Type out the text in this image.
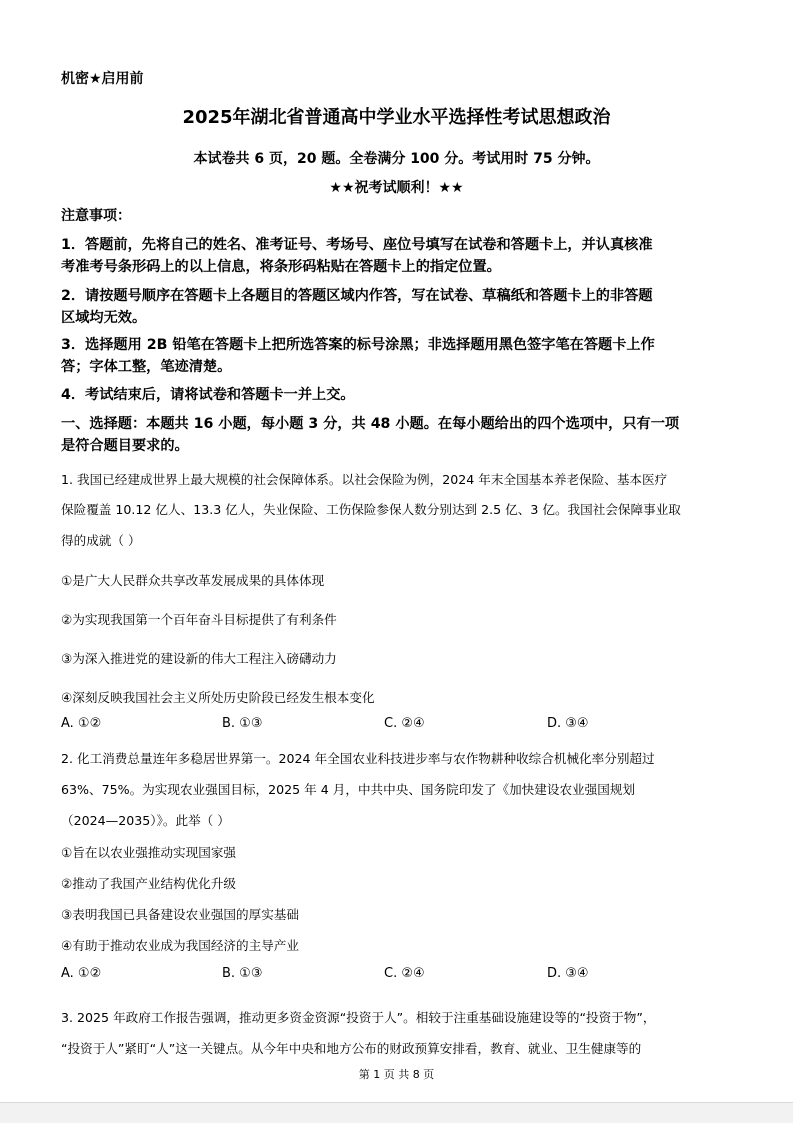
机密★启用前
2025年湖北省普通高中学业水平选择性考试思想政治
本试卷共 6 页，20 题。全卷满分 100 分。考试用时 75 分钟。
★★祝考试顺利！★★
注意事项：
1．答题前，先将自己的姓名、准考证号、考场号、座位号填写在试卷和答题卡上，并认真核准
考准考号条形码上的以上信息，将条形码粘贴在答题卡上的指定位置。
2．请按题号顺序在答题卡上各题目的答题区域内作答，写在试卷、草稿纸和答题卡上的非答题
区域均无效。
3．选择题用 2B 铅笔在答题卡上把所选答案的标号涂黑；非选择题用黑色签字笔在答题卡上作
答；字体工整，笔迹清楚。
4．考试结束后，请将试卷和答题卡一并上交。
一、选择题：本题共 16 小题，每小题 3 分，共 48 小题。在每小题给出的四个选项中，只有一项
是符合题目要求的。
1. 我国已经建成世界上最大规模的社会保障体系。以社会保险为例，2024 年末全国基本养老保险、基本医疗
保险覆盖 10.12 亿人、13.3 亿人，失业保险、工伤保险参保人数分别达到 2.5 亿、3 亿。我国社会保障事业取
得的成就（ ）
①是广大人民群众共享改革发展成果的具体体现
②为实现我国第一个百年奋斗目标提供了有利条件
③为深入推进党的建设新的伟大工程注入磅礴动力
④深刻反映我国社会主义所处历史阶段已经发生根本变化
A. ①②	B. ①③	C. ②④	D. ③④
2. 化工消费总量连年多稳居世界第一。2024 年全国农业科技进步率与农作物耕种收综合机械化率分别超过
63%、75%。为实现农业强国目标，2025 年 4 月，中共中央、国务院印发了《加快建设农业强国规划
（2024—2035）》。此举（ ）
①旨在以农业强推动实现国家强
②推动了我国产业结构优化升级
③表明我国已具备建设农业强国的厚实基础
④有助于推动农业成为我国经济的主导产业
A. ①②	B. ①③	C. ②④	D. ③④
3. 2025 年政府工作报告强调，推动更多资金资源“投资于人”。相较于注重基础设施建设等的“投资于物”，
“投资于人”紧盯“人”这一关键点。从今年中央和地方公布的财政预算安排看，教育、就业、卫生健康等的
第 1 页 共 8 页
